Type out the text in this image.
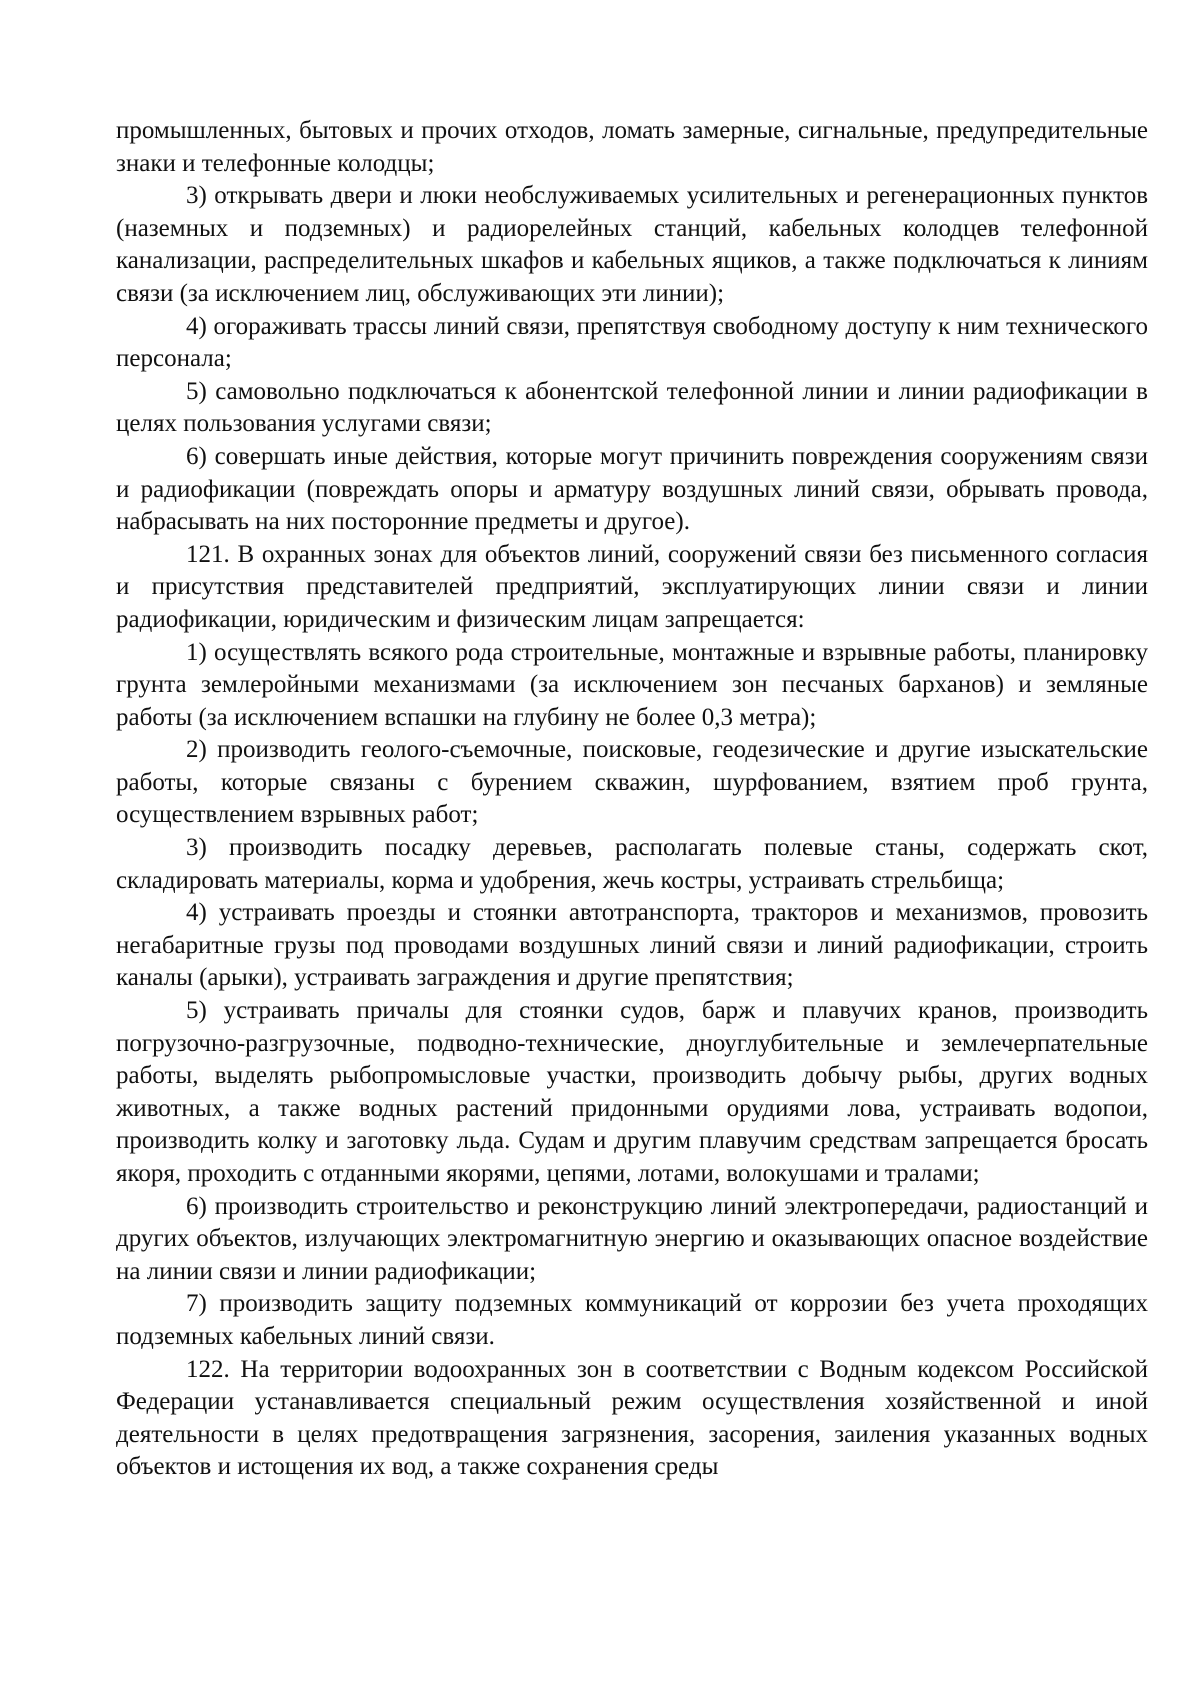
промышленных, бытовых и прочих отходов, ломать замерные, сигнальные, предупредительные знаки и телефонные колодцы;

3) открывать двери и люки необслуживаемых усилительных и регенерационных пунктов (наземных и подземных) и радиорелейных станций, кабельных колодцев телефонной канализации, распределительных шкафов и кабельных ящиков, а также подключаться к линиям связи (за исключением лиц, обслуживающих эти линии);

4) огораживать трассы линий связи, препятствуя свободному доступу к ним технического персонала;

5) самовольно подключаться к абонентской телефонной линии и линии радиофикации в целях пользования услугами связи;

6) совершать иные действия, которые могут причинить повреждения сооружениям связи и радиофикации (повреждать опоры и арматуру воздушных линий связи, обрывать провода, набрасывать на них посторонние предметы и другое).

121. В охранных зонах для объектов линий, сооружений связи без письменного согласия и присутствия представителей предприятий, эксплуатирующих линии связи и линии радиофикации, юридическим и физическим лицам запрещается:

1) осуществлять всякого рода строительные, монтажные и взрывные работы, планировку грунта землеройными механизмами (за исключением зон песчаных барханов) и земляные работы (за исключением вспашки на глубину не более 0,3 метра);

2) производить геолого-съемочные, поисковые, геодезические и другие изыскательские работы, которые связаны с бурением скважин, шурфованием, взятием проб грунта, осуществлением взрывных работ;

3) производить посадку деревьев, располагать полевые станы, содержать скот, складировать материалы, корма и удобрения, жечь костры, устраивать стрельбища;

4) устраивать проезды и стоянки автотранспорта, тракторов и механизмов, провозить негабаритные грузы под проводами воздушных линий связи и линий радиофикации, строить каналы (арыки), устраивать заграждения и другие препятствия;

5) устраивать причалы для стоянки судов, барж и плавучих кранов, производить погрузочно-разгрузочные, подводно-технические, дноуглубительные и землечерпательные работы, выделять рыбопромысловые участки, производить добычу рыбы, других водных животных, а также водных растений придонными орудиями лова, устраивать водопои, производить колку и заготовку льда. Судам и другим плавучим средствам запрещается бросать якоря, проходить с отданными якорями, цепями, лотами, волокушами и тралами;

6) производить строительство и реконструкцию линий электропередачи, радиостанций и других объектов, излучающих электромагнитную энергию и оказывающих опасное воздействие на линии связи и линии радиофикации;

7) производить защиту подземных коммуникаций от коррозии без учета проходящих подземных кабельных линий связи.

122. На территории водоохранных зон в соответствии с Водным кодексом Российской Федерации устанавливается специальный режим осуществления хозяйственной и иной деятельности в целях предотвращения загрязнения, засорения, заиления указанных водных объектов и истощения их вод, а также сохранения среды
